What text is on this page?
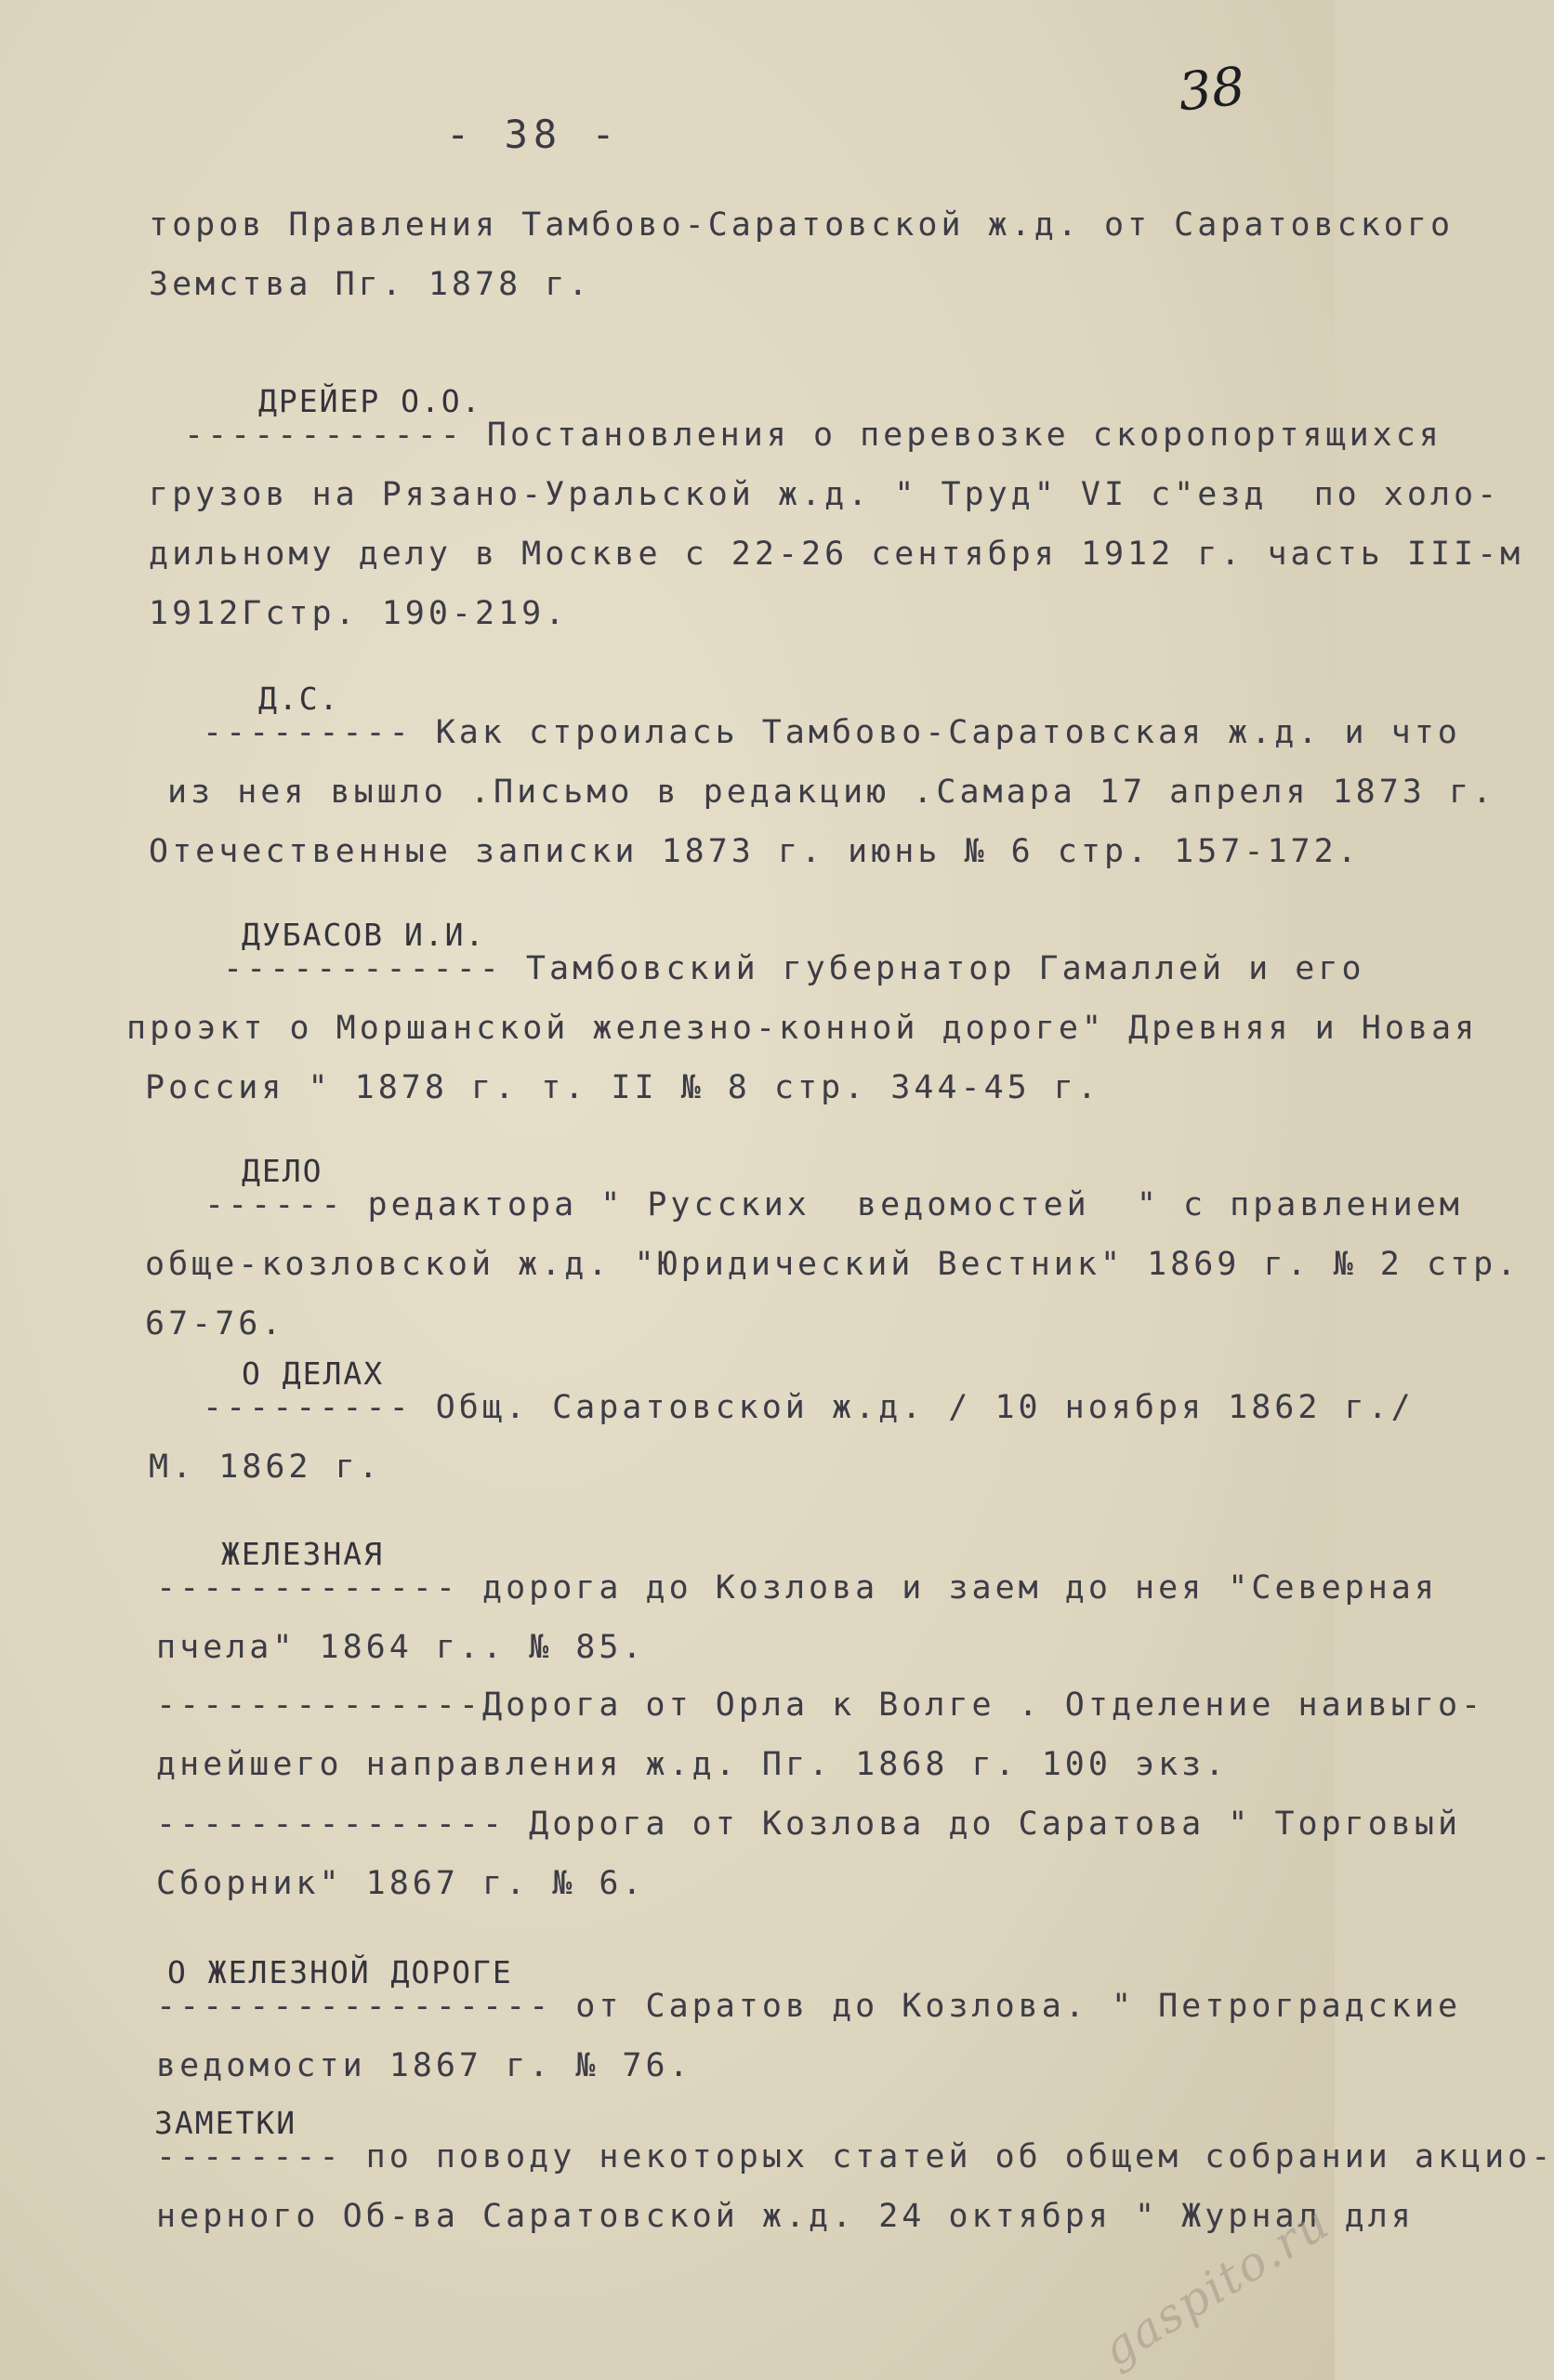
38
- 38 -
торов Правления Тамбово-Саратовской ж.д. от Саратовского
Земства Пг. 1878 г.
ДРЕЙЕР О.О.
------------ Постановления о перевозке скоропортящихся
грузов на Рязано-Уральской ж.д. " Труд" VI с"езд  по холо-
дильному делу в Москве с 22-26 сентября 1912 г. часть III-м
1912Гстр. 190-219.
Д.С.
--------- Как строилась Тамбово-Саратовская ж.д. и что
из нея вышло .Письмо в редакцию .Самара 17 апреля 1873 г.
Отечественные записки 1873 г. июнь № 6 стр. 157-172.
ДУБАСОВ И.И.
------------ Тамбовский губернатор Гамаллей и его
проэкт о Моршанской железно-конной дороге" Древняя и Новая
Россия " 1878 г. т. II № 8 стр. 344-45 г.
ДЕЛО
------ редактора " Русских  ведомостей  " с правлением
обще-козловской ж.д. "Юридический Вестник" 1869 г. № 2 стр.
67-76.
О ДЕЛАХ
--------- Общ. Саратовской ж.д. / 10 ноября 1862 г./
М. 1862 г.
ЖЕЛЕЗНАЯ
------------- дорога до Козлова и заем до нея "Северная
пчела" 1864 г.. № 85.
--------------Дорога от Орла к Волге . Отделение наивыго-
днейшего направления ж.д. Пг. 1868 г. 100 экз.
--------------- Дорога от Козлова до Саратова " Торговый
Сборник" 1867 г. № 6.
О ЖЕЛЕЗНОЙ ДОРОГЕ
----------------- от Саратов до Козлова. " Петроградские
ведомости 1867 г. № 76.
ЗАМЕТКИ
-------- по поводу некоторых статей об общем собрании акцио-
нерного Об-ва Саратовской ж.д. 24 октября " Журнал для
gaspito.ru
